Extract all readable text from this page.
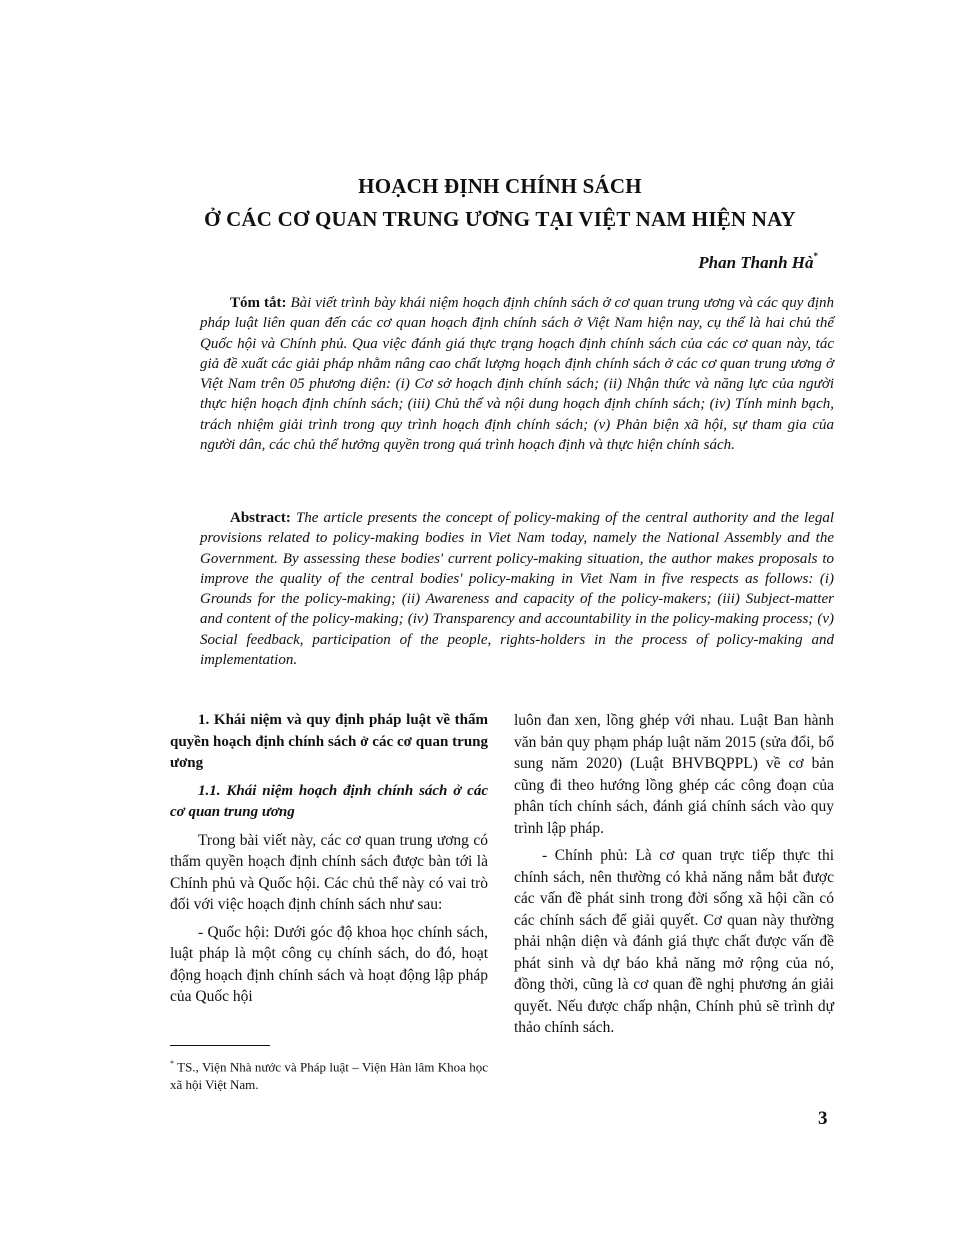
HOẠCH ĐỊNH CHÍNH SÁCH
Ở CÁC CƠ QUAN TRUNG ƯƠNG TẠI VIỆT NAM HIỆN NAY
Phan Thanh Hà*

Tóm tắt: Bài viết trình bày khái niệm hoạch định chính sách ở cơ quan trung ương và các quy định pháp luật liên quan đến các cơ quan hoạch định chính sách ở Việt Nam hiện nay, cụ thể là hai chủ thể Quốc hội và Chính phủ. Qua việc đánh giá thực trạng hoạch định chính sách của các cơ quan này, tác giả đề xuất các giải pháp nhằm nâng cao chất lượng hoạch định chính sách ở các cơ quan trung ương ở Việt Nam trên 05 phương diện: (i) Cơ sở hoạch định chính sách; (ii) Nhận thức và năng lực của người thực hiện hoạch định chính sách; (iii) Chủ thể và nội dung hoạch định chính sách; (iv) Tính minh bạch, trách nhiệm giải trình trong quy trình hoạch định chính sách; (v) Phản biện xã hội, sự tham gia của người dân, các chủ thể hưởng quyền trong quá trình hoạch định và thực hiện chính sách.

Abstract: The article presents the concept of policy-making of the central authority and the legal provisions related to policy-making bodies in Viet Nam today, namely the National Assembly and the Government. By assessing these bodies' current policy-making situation, the author makes proposals to improve the quality of the central bodies' policy-making in Viet Nam in five respects as follows: (i) Grounds for the policy-making; (ii) Awareness and capacity of the policy-makers; (iii) Subject-matter and content of the policy-making; (iv) Transparency and accountability in the policy-making process; (v) Social feedback, participation of the people, rights-holders in the process of policy-making and implementation.

1. Khái niệm và quy định pháp luật về thẩm quyền hoạch định chính sách ở các cơ quan trung ương

1.1. Khái niệm hoạch định chính sách ở các cơ quan trung ương

Trong bài viết này, các cơ quan trung ương có thẩm quyền hoạch định chính sách được bàn tới là Chính phủ và Quốc hội. Các chủ thể này có vai trò đối với việc hoạch định chính sách như sau:

- Quốc hội: Dưới góc độ khoa học chính sách, luật pháp là một công cụ chính sách, do đó, hoạt động hoạch định chính sách và hoạt động lập pháp của Quốc hội

luôn đan xen, lồng ghép với nhau. Luật Ban hành văn bản quy phạm pháp luật năm 2015 (sửa đổi, bổ sung năm 2020) (Luật BHVBQPPL) về cơ bản cũng đi theo hướng lồng ghép các công đoạn của phân tích chính sách, đánh giá chính sách vào quy trình lập pháp.

- Chính phủ: Là cơ quan trực tiếp thực thi chính sách, nên thường có khả năng nắm bắt được các vấn đề phát sinh trong đời sống xã hội cần có các chính sách để giải quyết. Cơ quan này thường phải nhận diện và đánh giá thực chất được vấn đề phát sinh và dự báo khả năng mở rộng của nó, đồng thời, cũng là cơ quan đề nghị phương án giải quyết. Nếu được chấp nhận, Chính phủ sẽ trình dự thảo chính sách.

* TS., Viện Nhà nước và Pháp luật – Viện Hàn lâm Khoa học xã hội Việt Nam.

3
